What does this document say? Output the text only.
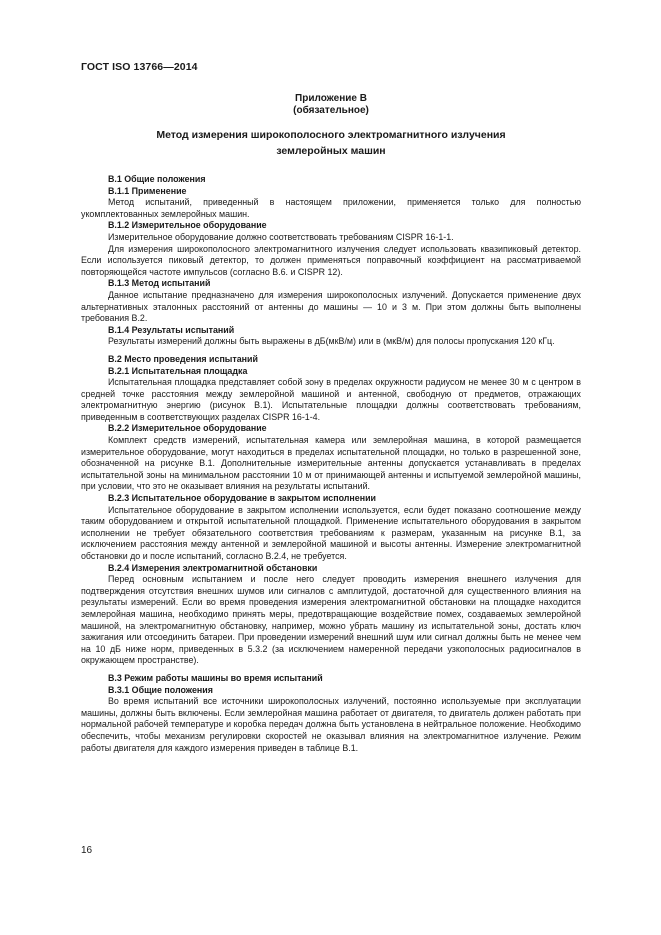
ГОСТ ISO 13766—2014
Приложение В
(обязательное)
Метод измерения широкополосного электромагнитного излучения
землеройных машин

В.1 Общие положения

В.1.1 Применение

Метод испытаний, приведенный в настоящем приложении, применяется только для полностью укомплектованных землеройных машин.

В.1.2 Измерительное оборудование

Измерительное оборудование должно соответствовать требованиям CISPR 16-1-1.

Для измерения широкополосного электромагнитного излучения следует использовать квазипиковый детектор. Если используется пиковый детектор, то должен применяться поправочный коэффициент на рассматриваемой повторяющейся частоте импульсов (согласно В.6. и CISPR 12).

В.1.3 Метод испытаний

Данное испытание предназначено для измерения широкополосных излучений. Допускается применение двух альтернативных эталонных расстояний от антенны до машины — 10 и 3 м. При этом должны быть выполнены требования В.2.

В.1.4 Результаты испытаний

Результаты измерений должны быть выражены в дБ(мкВ/м) или в (мкВ/м) для полосы пропускания 120 кГц.

В.2 Место проведения испытаний

В.2.1 Испытательная площадка

Испытательная площадка представляет собой зону в пределах окружности радиусом не менее 30 м с центром в средней точке расстояния между землеройной машиной и антенной, свободную от предметов, отражающих электромагнитную энергию (рисунок В.1). Испытательные площадки должны соответствовать требованиям, приведенным в соответствующих разделах CISPR 16-1-4.

В.2.2 Измерительное оборудование

Комплект средств измерений, испытательная камера или землеройная машина, в которой размещается измерительное оборудование, могут находиться в пределах испытательной площадки, но только в разрешенной зоне, обозначенной на рисунке В.1. Дополнительные измерительные антенны допускается устанавливать в пределах испытательной зоны на минимальном расстоянии 10 м от принимающей антенны и испытуемой землеройной машины, при условии, что это не оказывает влияния на результаты испытаний.

В.2.3 Испытательное оборудование в закрытом исполнении

Испытательное оборудование в закрытом исполнении используется, если будет показано соотношение между таким оборудованием и открытой испытательной площадкой. Применение испытательного оборудования в закрытом исполнении не требует обязательного соответствия требованиям к размерам, указанным на рисунке В.1, за исключением расстояния между антенной и землеройной машиной и высоты антенны. Измерение электромагнитной обстановки до и после испытаний, согласно В.2.4, не требуется.

В.2.4 Измерения электромагнитной обстановки

Перед основным испытанием и после него следует проводить измерения внешнего излучения для подтверждения отсутствия внешних шумов или сигналов с амплитудой, достаточной для существенного влияния на результаты измерений. Если во время проведения измерения электромагнитной обстановки на площадке находится землеройная машина, необходимо принять меры, предотвращающие воздействие помех, создаваемых землеройной машиной, на электромагнитную обстановку, например, можно убрать машину из испытательной зоны, достать ключ зажигания или отсоединить батареи. При проведении измерений внешний шум или сигнал должны быть не менее чем на 10 дБ ниже норм, приведенных в 5.3.2 (за исключением намеренной передачи узкополосных радиосигналов в окружающем пространстве).

В.3 Режим работы машины во время испытаний

В.3.1 Общие положения

Во время испытаний все источники широкополосных излучений, постоянно используемые при эксплуатации машины, должны быть включены. Если землеройная машина работает от двигателя, то двигатель должен работать при нормальной рабочей температуре и коробка передач должна быть установлена в нейтральное положение. Необходимо обеспечить, чтобы механизм регулировки скоростей не оказывал влияния на электромагнитное излучение. Режим работы двигателя для каждого измерения приведен в таблице В.1.

16
